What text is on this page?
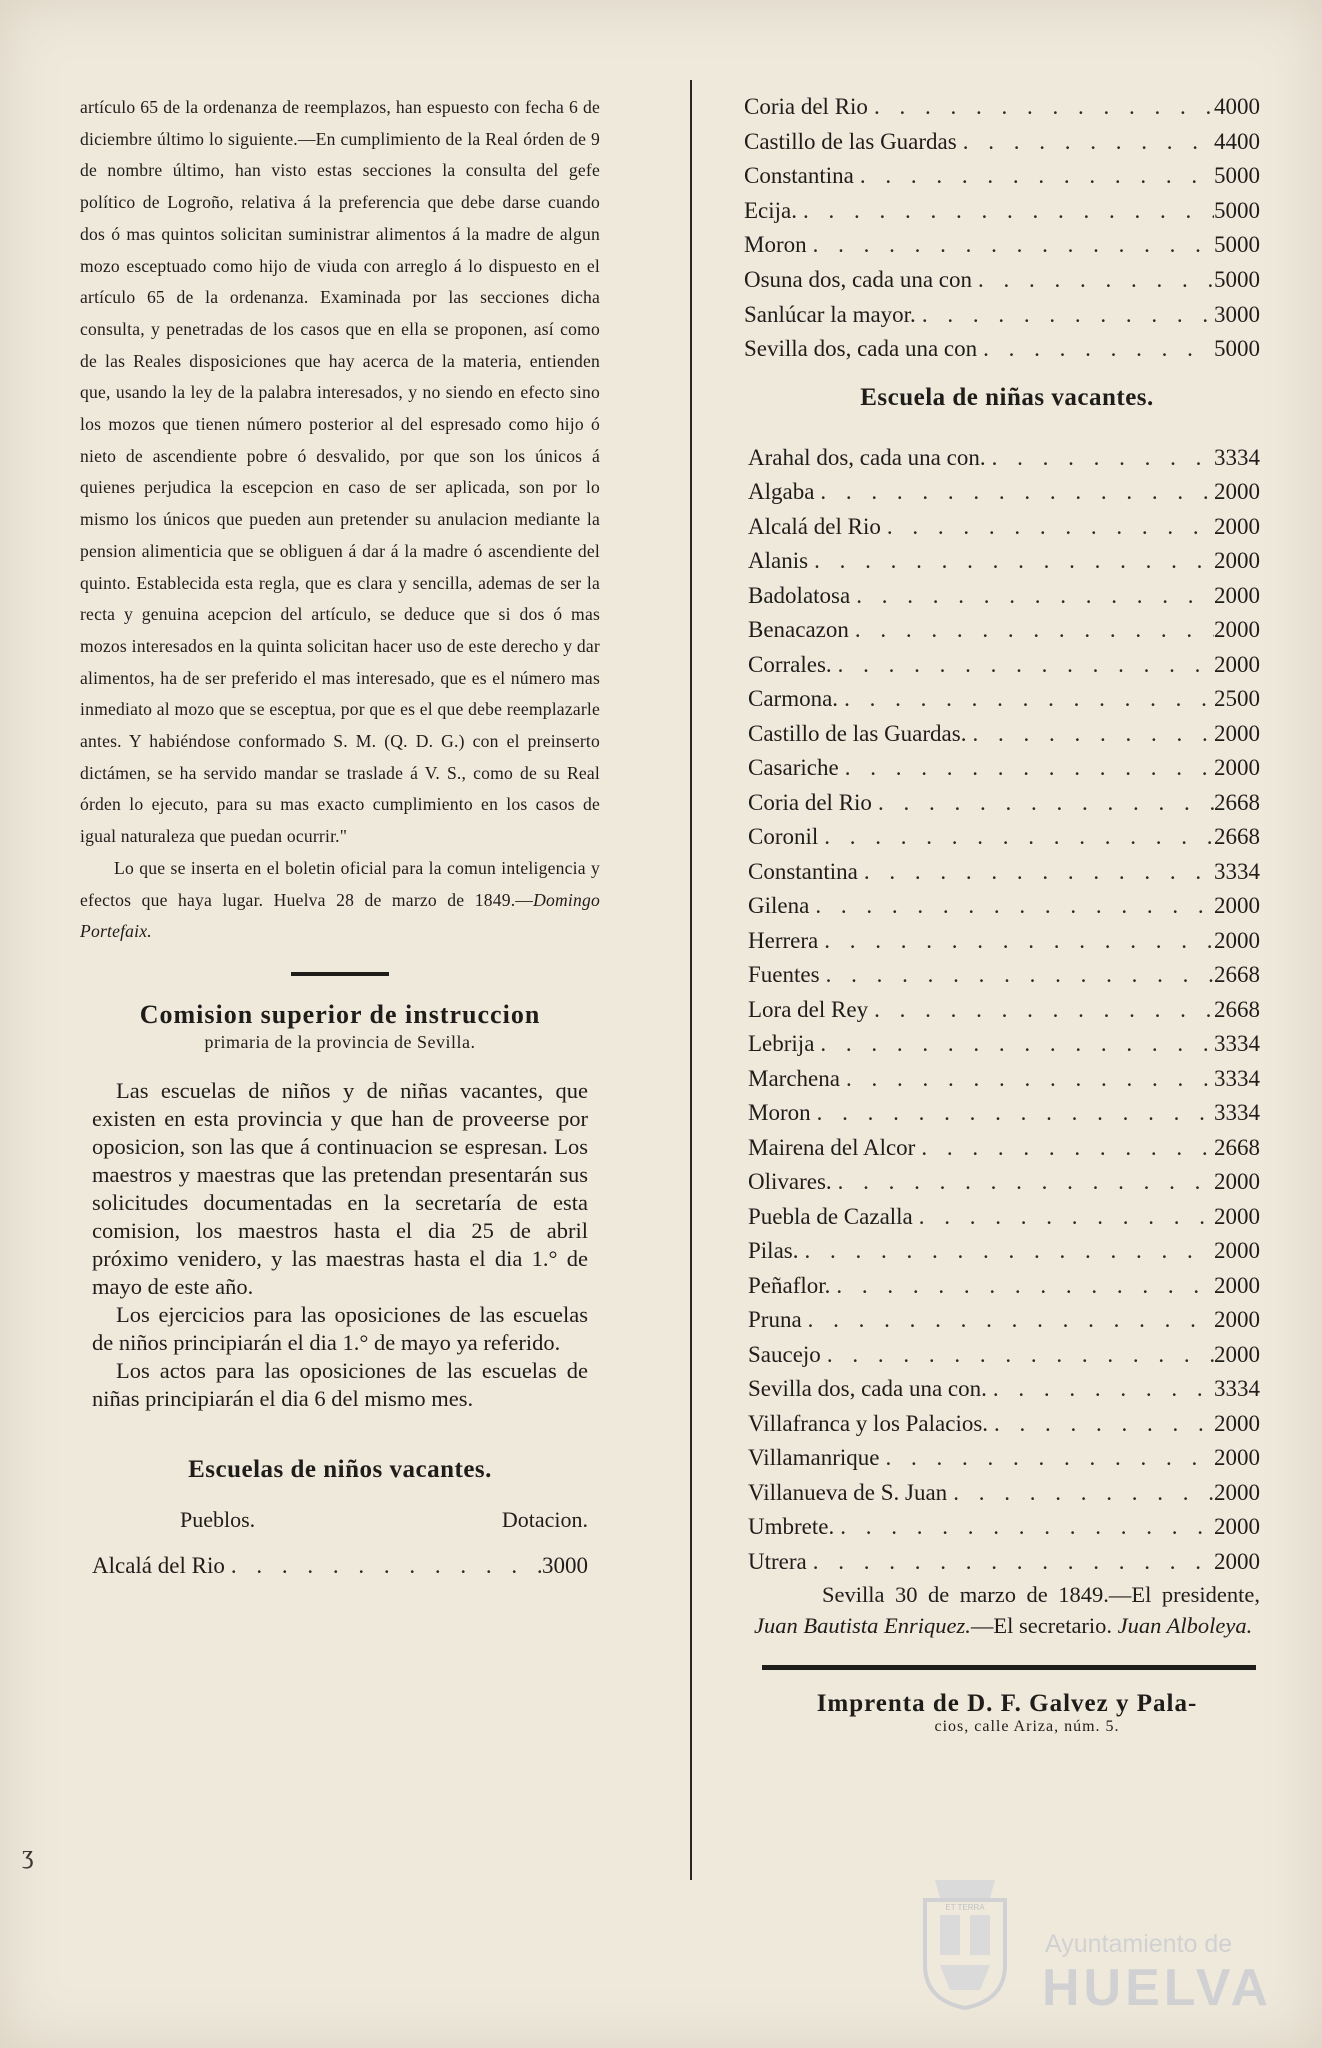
artículo 65 de la ordenanza de reemplazos, han espuesto con fecha 6 de diciembre último lo siguiente.—En cumplimiento de la Real órden de 9 de nombre último, han visto estas secciones la consulta del gefe político de Logroño, relativa á la preferencia que debe darse cuando dos ó mas quintos solicitan suministrar alimentos á la madre de algun mozo esceptuado como hijo de viuda con arreglo á lo dispuesto en el artículo 65 de la ordenanza. Examinada por las secciones dicha consulta, y penetradas de los casos que en ella se proponen, así como de las Reales disposiciones que hay acerca de la materia, entienden que, usando la ley de la palabra interesados, y no siendo en efecto sino los mozos que tienen número posterior al del espresado como hijo ó nieto de ascendiente pobre ó desvalido, por que son los únicos á quienes perjudica la escepcion en caso de ser aplicada, son por lo mismo los únicos que pueden aun pretender su anulacion mediante la pension alimenticia que se obliguen á dar á la madre ó ascendiente del quinto. Establecida esta regla, que es clara y sencilla, ademas de ser la recta y genuina acepcion del artículo, se deduce que si dos ó mas mozos interesados en la quinta solicitan hacer uso de este derecho y dar alimentos, ha de ser preferido el mas interesado, que es el número mas inmediato al mozo que se esceptua, por que es el que debe reemplazarle antes. Y habiéndose conformado S. M. (Q. D. G.) con el preinserto dictámen, se ha servido mandar se traslade á V. S., como de su Real órden lo ejecuto, para su mas exacto cumplimiento en los casos de igual naturaleza que puedan ocurrir."

Lo que se inserta en el boletin oficial para la comun inteligencia y efectos que haya lugar. Huelva 28 de marzo de 1849.—Domingo Portefaix.

Comision superior de instruccion

primaria de la provincia de Sevilla.

Las escuelas de niños y de niñas vacantes, que existen en esta provincia y que han de proveerse por oposicion, son las que á continuacion se espresan. Los maestros y maestras que las pretendan presentarán sus solicitudes documentadas en la secretaría de esta comision, los maestros hasta el dia 25 de abril próximo venidero, y las maestras hasta el dia 1.° de mayo de este año.

Los ejercicios para las oposiciones de las escuelas de niños principiarán el dia 1.° de mayo ya referido.

Los actos para las oposiciones de las escuelas de niñas principiarán el dia 6 del mismo mes.

Escuelas de niños vacantes.

Pueblos.	Dotacion.
Alcalá del Rio . . .	3000
ʒ
Coria del Rio . . .	4000
Castillo de las Guardas . . .	4400
Constantina . . .	5000
Ecija. . . .	5000
Moron . . .	5000
Osuna dos, cada una con . . .	5000
Sanlúcar la mayor. . . .	3000
Sevilla dos, cada una con . . .	5000

Escuela de niñas vacantes.

Arahal dos, cada una con. . . .	3334
Algaba . . .	2000
Alcalá del Rio . . .	2000
Alanis . . .	2000
Badolatosa . . .	2000
Benacazon . . .	2000
Corrales. . . .	2000
Carmona. . . .	2500
Castillo de las Guardas. . . .	2000
Casariche . . .	2000
Coria del Rio . . .	2668
Coronil . . .	2668
Constantina . . .	3334
Gilena . . .	2000
Herrera . . .	2000
Fuentes . . .	2668
Lora del Rey . . .	2668
Lebrija . . .	3334
Marchena . . .	3334
Moron . . .	3334
Mairena del Alcor . . .	2668
Olivares. . . .	2000
Puebla de Cazalla . . .	2000
Pilas. . . .	2000
Peñaflor. . . .	2000
Pruna . . .	2000
Saucejo . . .	2000
Sevilla dos, cada una con. . . .	3334
Villafranca y los Palacios. . . .	2000
Villamanrique . . .	2000
Villanueva de S. Juan . . .	2000
Umbrete. . . .	2000
Utrera . . .	2000

Sevilla 30 de marzo de 1849.—El presidente, Juan Bautista Enriquez.—El secretario. Juan Alboleya.

Imprenta de D. F. Galvez y Pala-

cios, calle Ariza, núm. 5.

ET TERRA
Ayuntamiento de
HUELVA
